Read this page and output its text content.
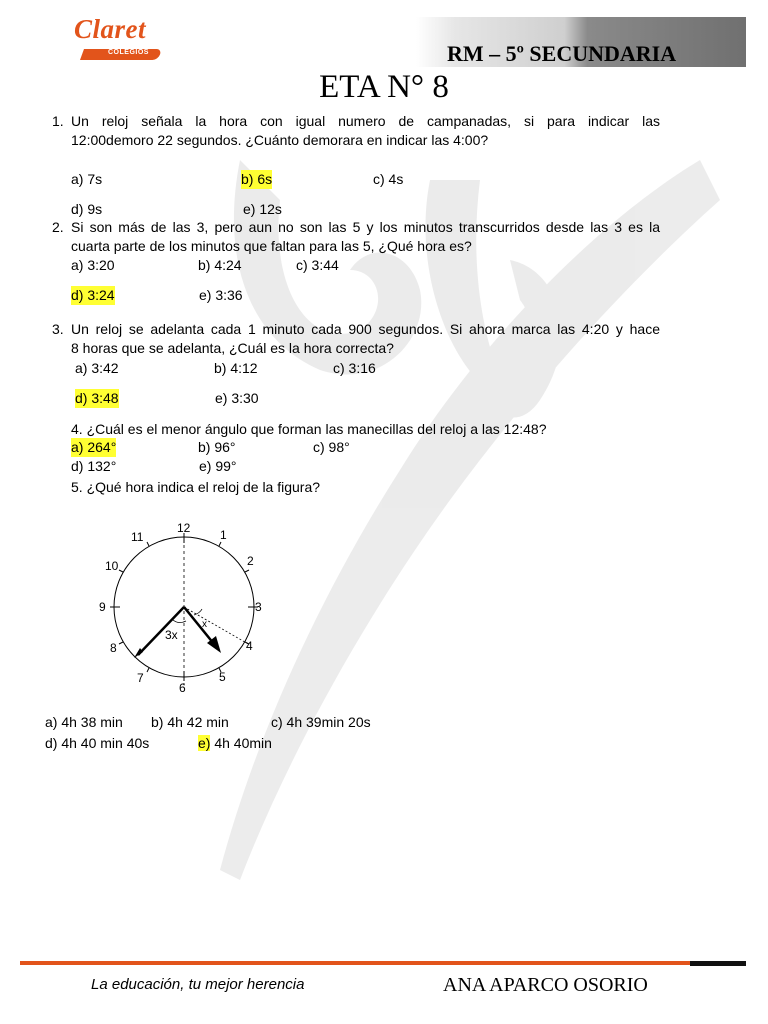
Claret
COLEGIOS	RM – 5º SECUNDARIA
ETA N° 8
1. Un reloj señala la hora con igual numero de campanadas, si para indicar las
12:00demoro 22 segundos. ¿Cuánto demorara en indicar las 4:00?
a) 7s	b) 6s	c) 4s
d) 9s	e) 12s
2. Si son más de las 3, pero aun no son las 5 y los minutos transcurridos desde las 3 es la
cuarta parte de los minutos que faltan para las 5, ¿Qué hora es?
a) 3:20	b) 4:24	c) 3:44
d) 3:24	e) 3:36
3. Un reloj se adelanta cada 1 minuto cada 900 segundos. Si ahora marca las 4:20 y hace
8 horas que se adelanta, ¿Cuál es la hora correcta?
a) 3:42	b) 4:12	c) 3:16
d) 3:48	e) 3:30
4. ¿Cuál es el menor ángulo que forman las manecillas del reloj a las 12:48?
a) 264°	b) 96°	c) 98°
d) 132°	e) 99°
5. ¿Qué hora indica el reloj de la figura?
12 1
2
3
4
5
6
7
8
9
10
11
3x
x
a) 4h 38 min b) 4h 42 min	c) 4h 39min 20s
d) 4h 40 min 40s	e) 4h 40min
La educación, tu mejor herencia	ANA APARCO OSORIO
